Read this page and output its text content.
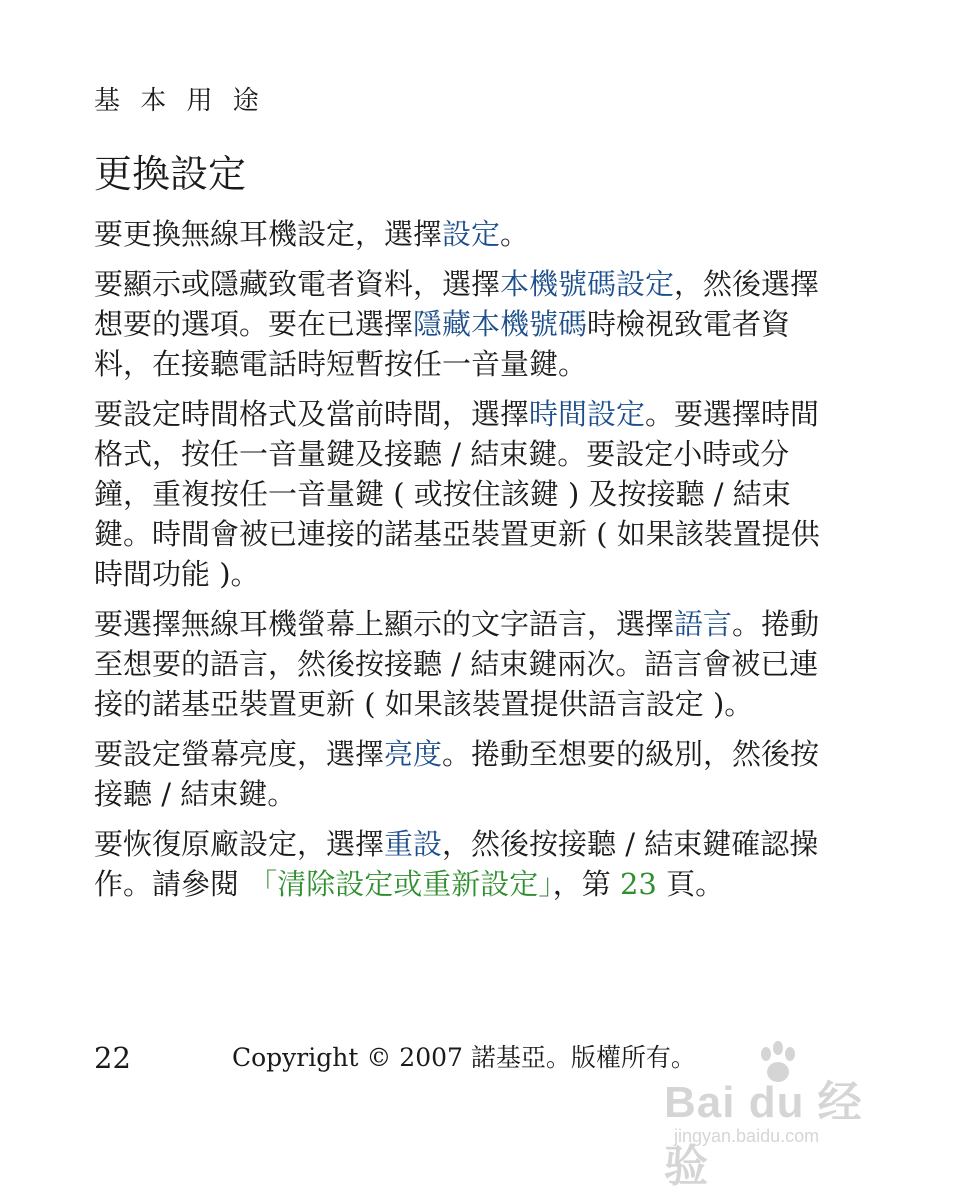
基 本 用 途
更換設定

要更換無線耳機設定，選擇設定。

要顯示或隱藏致電者資料，選擇本機號碼設定，然後選擇想要的選項。要在已選擇隱藏本機號碼時檢視致電者資料，在接聽電話時短暫按任一音量鍵。

要設定時間格式及當前時間，選擇時間設定。要選擇時間格式，按任一音量鍵及接聽 / 結束鍵。要設定小時或分鐘，重複按任一音量鍵 ( 或按住該鍵 ) 及按接聽 / 結束鍵。時間會被已連接的諾基亞裝置更新 ( 如果該裝置提供時間功能 )。

要選擇無線耳機螢幕上顯示的文字語言，選擇語言。捲動至想要的語言，然後按接聽 / 結束鍵兩次。語言會被已連接的諾基亞裝置更新 ( 如果該裝置提供語言設定 )。

要設定螢幕亮度，選擇亮度。捲動至想要的級別，然後按接聽 / 結束鍵。

要恢復原廠設定，選擇重設，然後按接聽 / 結束鍵確認操作。請參閱 「清除設定或重新設定」，第 23 頁。

22	Copyright © 2007 諾基亞。版權所有。
Bai du 经验
jingyan.baidu.com
